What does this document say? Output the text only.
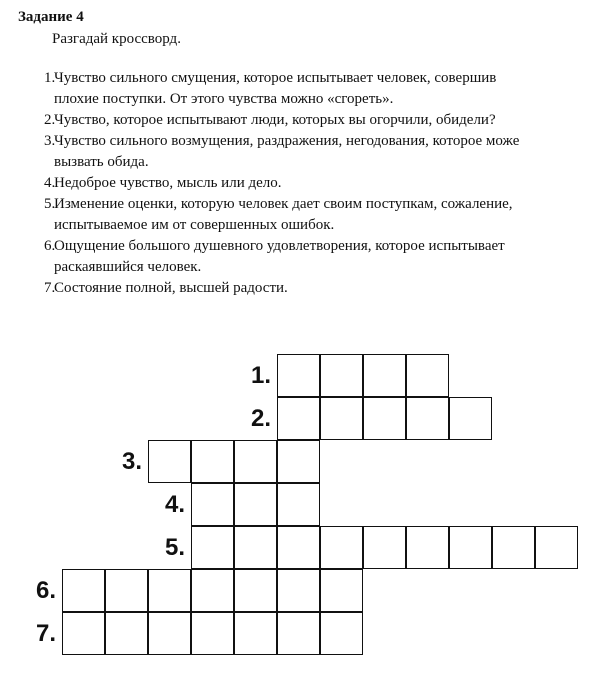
Задание 4
Разгадай кроссворд.
1.
Чувство сильного смущения, которое испытывает человек, совершив
плохие поступки. От этого чувства можно «сгореть».
2.
Чувство, которое испытывают люди, которых вы огорчили, обидели?
3.
Чувство сильного возмущения, раздражения, негодования, которое може
вызвать обида.
4.
Недоброе чувство, мысль или дело.
5.
Изменение оценки, которую человек дает своим поступкам, сожаление,
испытываемое им от совершенных ошибок.
6.
Ощущение большого душевного удовлетворения, которое испытывает
раскаявшийся человек.
7.
Состояние полной, высшей радости.
1.
2.
3.
4.
5.
6.
7.
